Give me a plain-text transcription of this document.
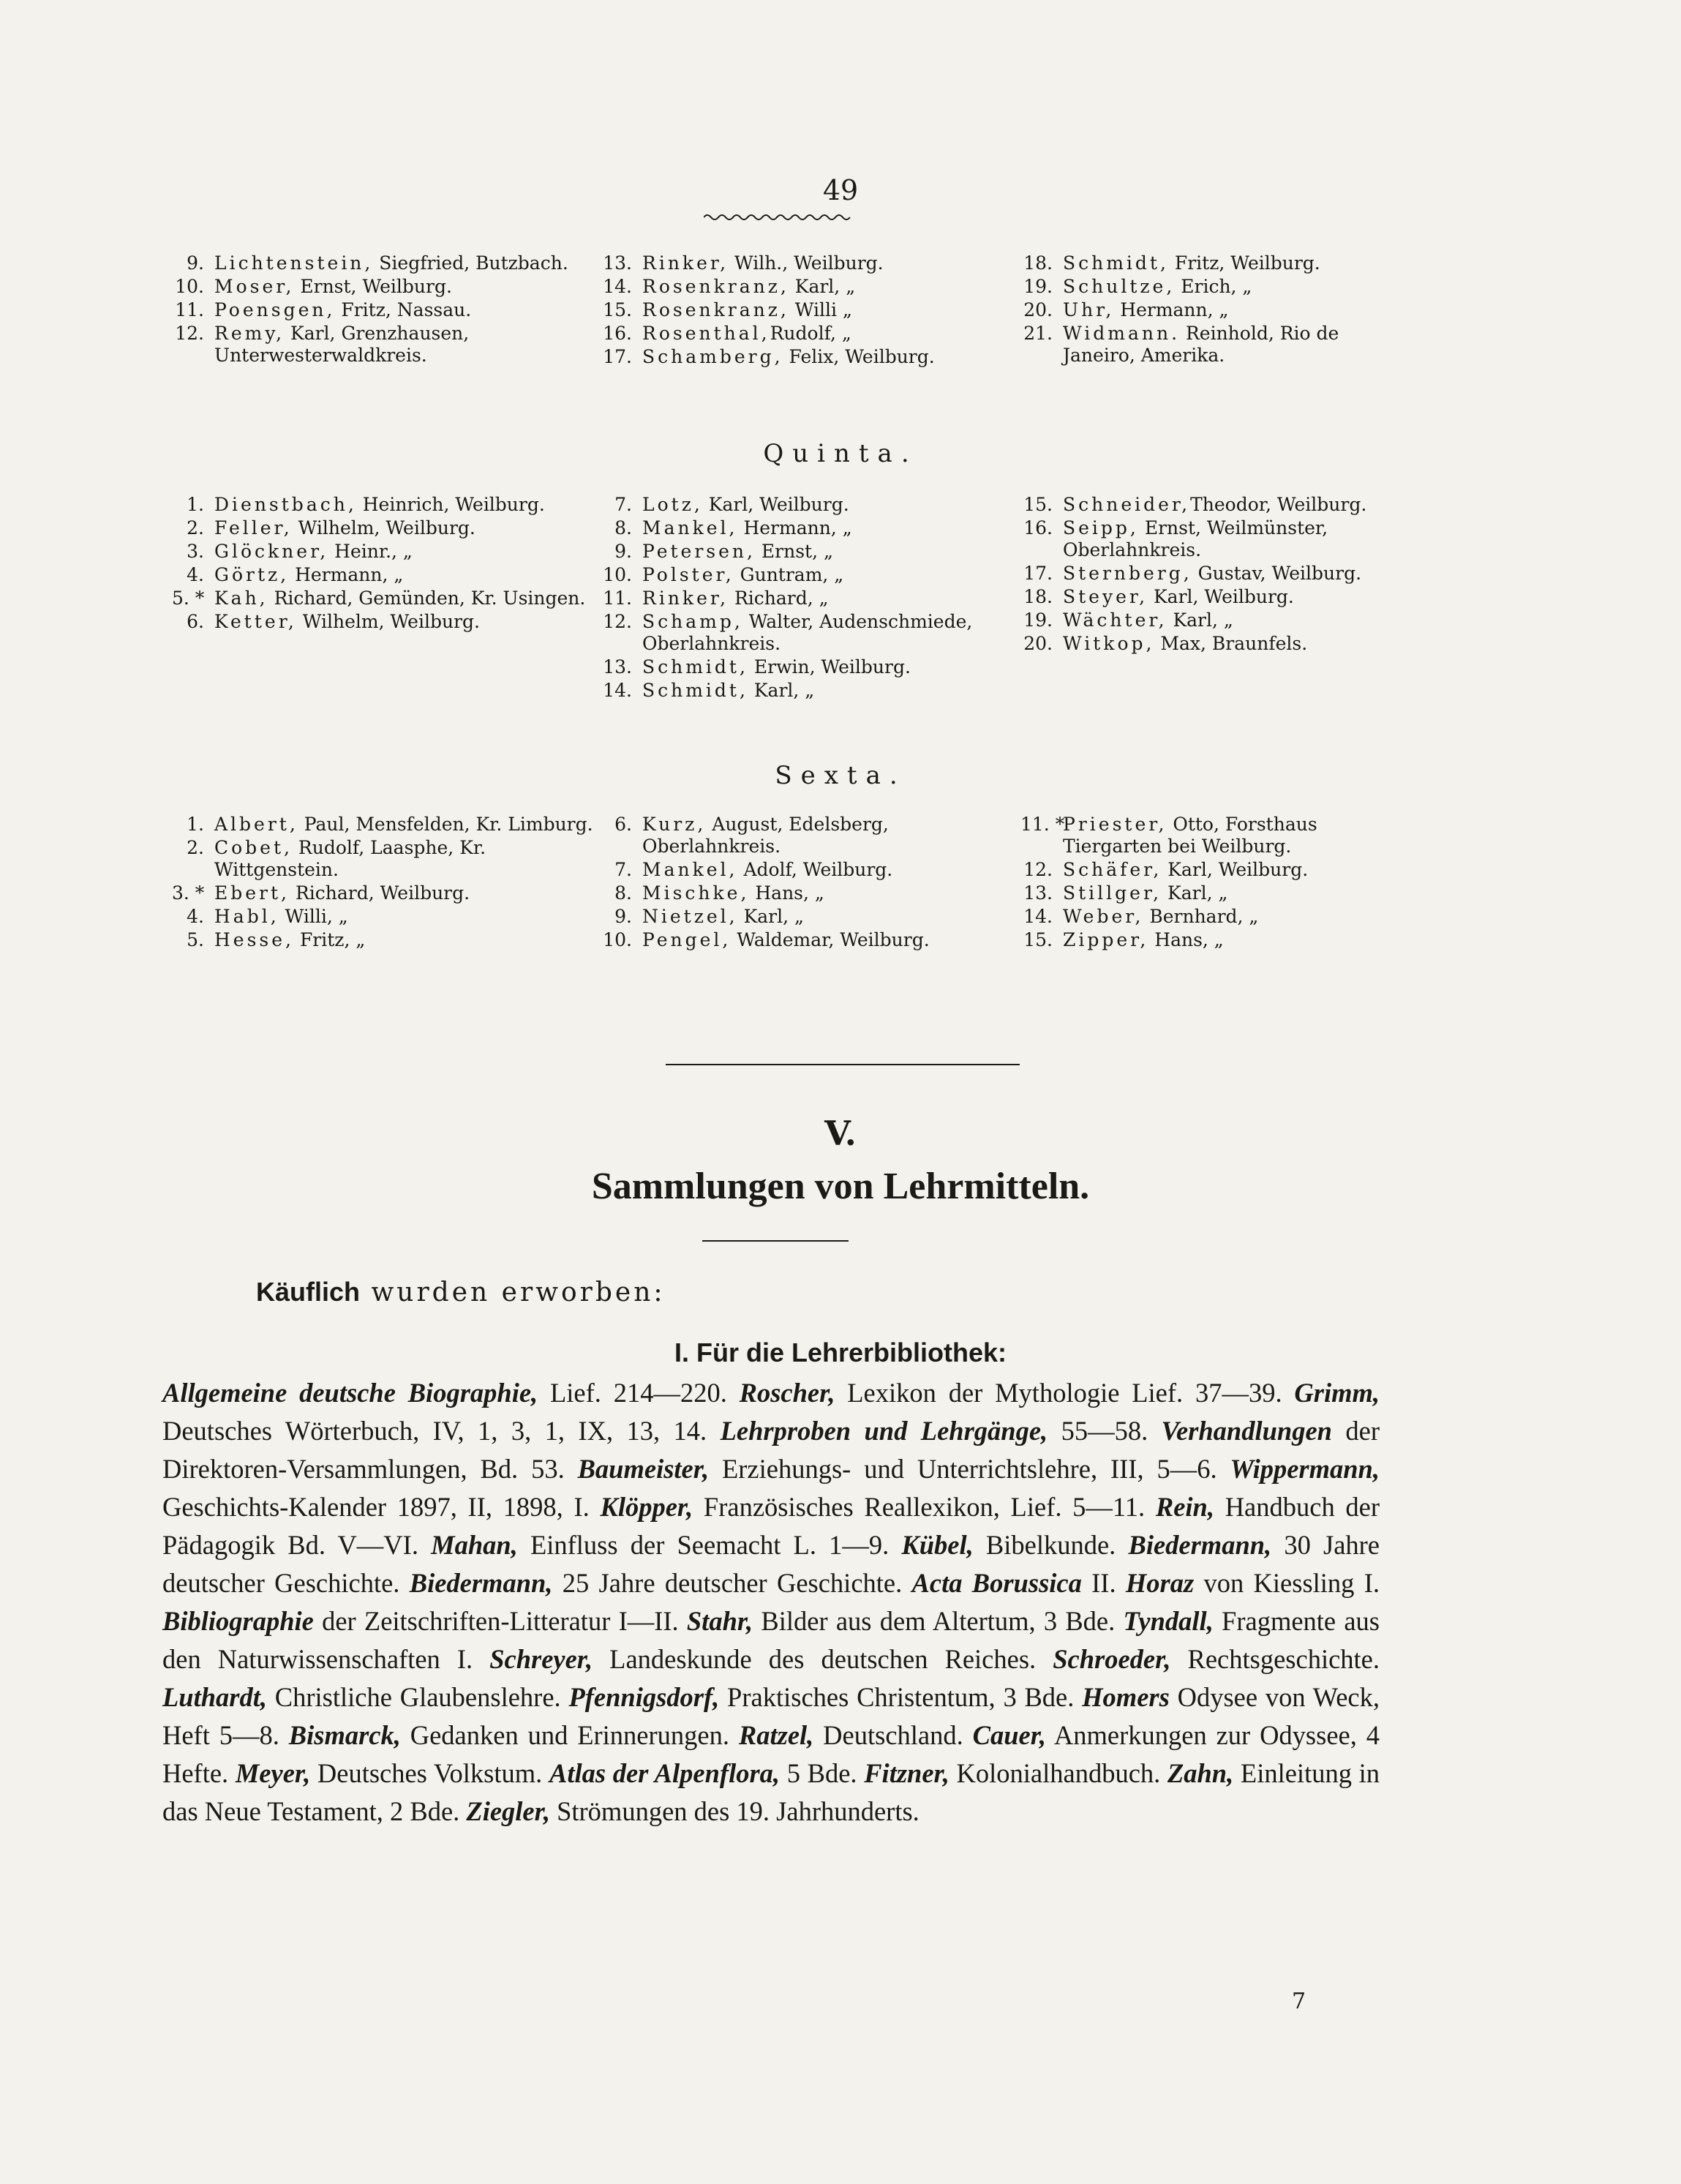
49
9. Lichtenstein, Siegfried, Butzbach.
10. Moser, Ernst, Weilburg.
11. Poensgen, Fritz, Nassau.
12. Remy, Karl, Grenzhausen, Unterwesterwaldkreis.
13. Rinker, Wilh., Weilburg.
14. Rosenkranz, Karl, „
15. Rosenkranz, Willi „
16. Rosenthal,Rudolf, „
17. Schamberg, Felix, Weilburg.
18. Schmidt, Fritz, Weilburg.
19. Schultze, Erich, „
20. Uhr, Hermann, „
21. Widmann. Reinhold, Rio de Janeiro, Amerika.
Quinta.
1. Dienstbach, Heinrich, Weilburg.
2. Feller, Wilhelm, Weilburg.
3. Glöckner, Heinr., „
4. Görtz, Hermann, „
5. * Kah, Richard, Gemünden, Kr. Usingen.
6. Ketter, Wilhelm, Weilburg.
7. Lotz, Karl, Weilburg.
8. Mankel, Hermann, „
9. Petersen, Ernst, „
10. Polster, Guntram, „
11. Rinker, Richard, „
12. Schamp, Walter, Audenschmiede, Oberlahnkreis.
13. Schmidt, Erwin, Weilburg.
14. Schmidt, Karl, „
15. Schneider,Theodor, Weilburg.
16. Seipp, Ernst, Weilmünster, Oberlahnkreis.
17. Sternberg, Gustav, Weilburg.
18. Steyer, Karl, Weilburg.
19. Wächter, Karl, „
20. Witkop, Max, Braunfels.
Sexta.
1. Albert, Paul, Mensfelden, Kr. Limburg.
2. Cobet, Rudolf, Laasphe, Kr. Wittgenstein.
3. * Ebert, Richard, Weilburg.
4. Habl, Willi, „
5. Hesse, Fritz, „
6. Kurz, August, Edelsberg, Oberlahnkreis.
7. Mankel, Adolf, Weilburg.
8. Mischke, Hans, „
9. Nietzel, Karl, „
10. Pengel, Waldemar, Weilburg.
11. *
Priester, Otto, Forsthaus Tiergarten bei Weilburg.
12. Schäfer, Karl, Weilburg.
13. Stillger, Karl, „
14. Weber, Bernhard, „
15. Zipper, Hans, „
V.
Sammlungen von Lehrmitteln.
Käuflich wurden erworben:
I. Für die Lehrerbibliothek:
Allgemeine deutsche Biographie, Lief. 214—220. Roscher, Lexikon der Mythologie Lief. 37—39. Grimm, Deutsches Wörterbuch, IV, 1, 3, 1, IX, 13, 14. Lehrproben und Lehrgänge, 55—58. Verhandlungen der Direktoren-Versammlungen, Bd. 53. Baumeister, Erziehungs- und Unterrichtslehre, III, 5—6. Wippermann, Geschichts-Kalender 1897, II, 1898, I. Klöpper, Französisches Reallexikon, Lief. 5—11. Rein, Handbuch der Pädagogik Bd. V—VI. Mahan, Einfluss der Seemacht L. 1—9. Kübel, Bibelkunde. Biedermann, 30 Jahre deutscher Geschichte. Biedermann, 25 Jahre deutscher Geschichte. Acta Borussica II. Horaz von Kiessling I. Bibliographie der Zeitschriften-Litteratur I—II. Stahr, Bilder aus dem Altertum, 3 Bde. Tyndall, Fragmente aus den Naturwissenschaften I. Schreyer, Landeskunde des deutschen Reiches. Schroeder, Rechtsgeschichte. Luthardt, Christliche Glaubenslehre. Pfennigsdorf, Praktisches Christentum, 3 Bde. Homers Odysee von Weck, Heft 5—8. Bismarck, Gedanken und Erinnerungen. Ratzel, Deutschland. Cauer, Anmerkungen zur Odyssee, 4 Hefte. Meyer, Deutsches Volkstum. Atlas der Alpenflora, 5 Bde. Fitzner, Kolonialhandbuch. Zahn, Einleitung in das Neue Testament, 2 Bde. Ziegler, Strömungen des 19. Jahrhunderts.
7
